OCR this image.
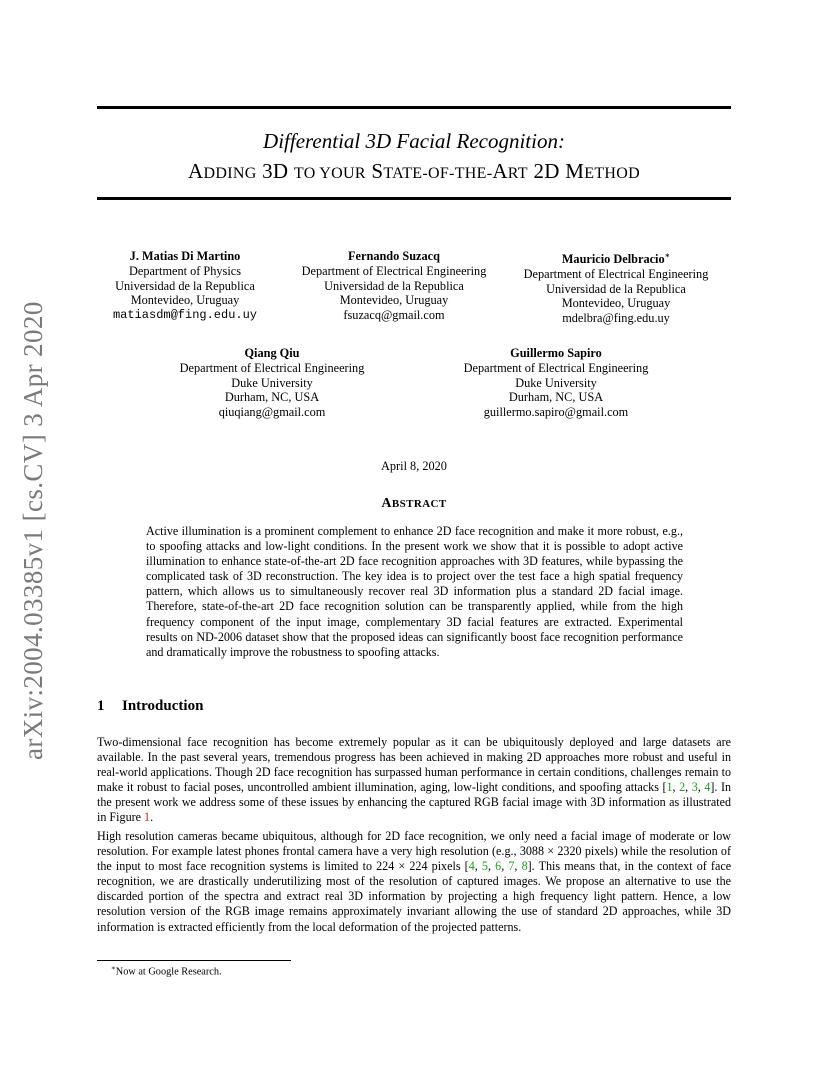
arXiv:2004.03385v1 [cs.CV] 3 Apr 2020
Differential 3D Facial Recognition:
ADDING 3D TO YOUR STATE-OF-THE-ART 2D METHOD
J. Matias Di Martino
Department of Physics
Universidad de la Republica
Montevideo, Uruguay
matiasdm@fing.edu.uy
Fernando Suzacq
Department of Electrical Engineering
Universidad de la Republica
Montevideo, Uruguay
fsuzacq@gmail.com
Mauricio Delbracio∗
Department of Electrical Engineering
Universidad de la Republica
Montevideo, Uruguay
mdelbra@fing.edu.uy
Qiang Qiu
Department of Electrical Engineering
Duke University
Durham, NC, USA
qiuqiang@gmail.com
Guillermo Sapiro
Department of Electrical Engineering
Duke University
Durham, NC, USA
guillermo.sapiro@gmail.com
April 8, 2020
ABSTRACT
Active illumination is a prominent complement to enhance 2D face recognition and make it more robust, e.g., to spoofing attacks and low-light conditions. In the present work we show that it is possible to adopt active illumination to enhance state-of-the-art 2D face recognition approaches with 3D features, while bypassing the complicated task of 3D reconstruction. The key idea is to project over the test face a high spatial frequency pattern, which allows us to simultaneously recover real 3D information plus a standard 2D facial image. Therefore, state-of-the-art 2D face recognition solution can be transparently applied, while from the high frequency component of the input image, complementary 3D facial features are extracted. Experimental results on ND-2006 dataset show that the proposed ideas can significantly boost face recognition performance and dramatically improve the robustness to spoofing attacks.
1 Introduction

Two-dimensional face recognition has become extremely popular as it can be ubiquitously deployed and large datasets are available. In the past several years, tremendous progress has been achieved in making 2D approaches more robust and useful in real-world applications. Though 2D face recognition has surpassed human performance in certain conditions, challenges remain to make it robust to facial poses, uncontrolled ambient illumination, aging, low-light conditions, and spoofing attacks [1, 2, 3, 4]. In the present work we address some of these issues by enhancing the captured RGB facial image with 3D information as illustrated in Figure 1.

High resolution cameras became ubiquitous, although for 2D face recognition, we only need a facial image of moderate or low resolution. For example latest phones frontal camera have a very high resolution (e.g., 3088 × 2320 pixels) while the resolution of the input to most face recognition systems is limited to 224 × 224 pixels [4, 5, 6, 7, 8]. This means that, in the context of face recognition, we are drastically underutilizing most of the resolution of captured images. We propose an alternative to use the discarded portion of the spectra and extract real 3D information by projecting a high frequency light pattern. Hence, a low resolution version of the RGB image remains approximately invariant allowing the use of standard 2D approaches, while 3D information is extracted efficiently from the local deformation of the projected patterns.

∗Now at Google Research.
